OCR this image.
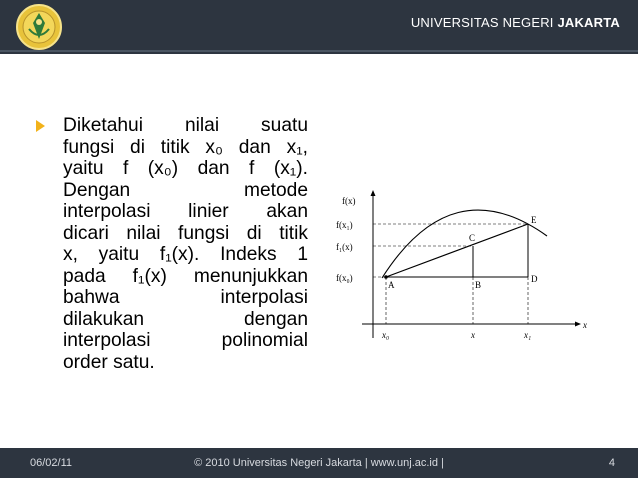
UNIVERSITAS NEGERI JAKARTA
Diketahui nilai suatu
fungsi di titik x₀ dan x₁,
yaitu f (x₀) dan f (x₁).
Dengan metode
interpolasi linier akan
dicari nilai fungsi di titik
x, yaitu f₁(x). Indeks 1
pada f₁(x) menunjukkan
bahwa interpolasi
dilakukan dengan
interpolasi polinomial
order satu.
f(x)
f(x₁)
f₁(x)
f(x₀)
x
x₀	x	x₁
A	B
C
D
E
06/02/11	© 2010 Universitas Negeri Jakarta | www.unj.ac.id |	4
